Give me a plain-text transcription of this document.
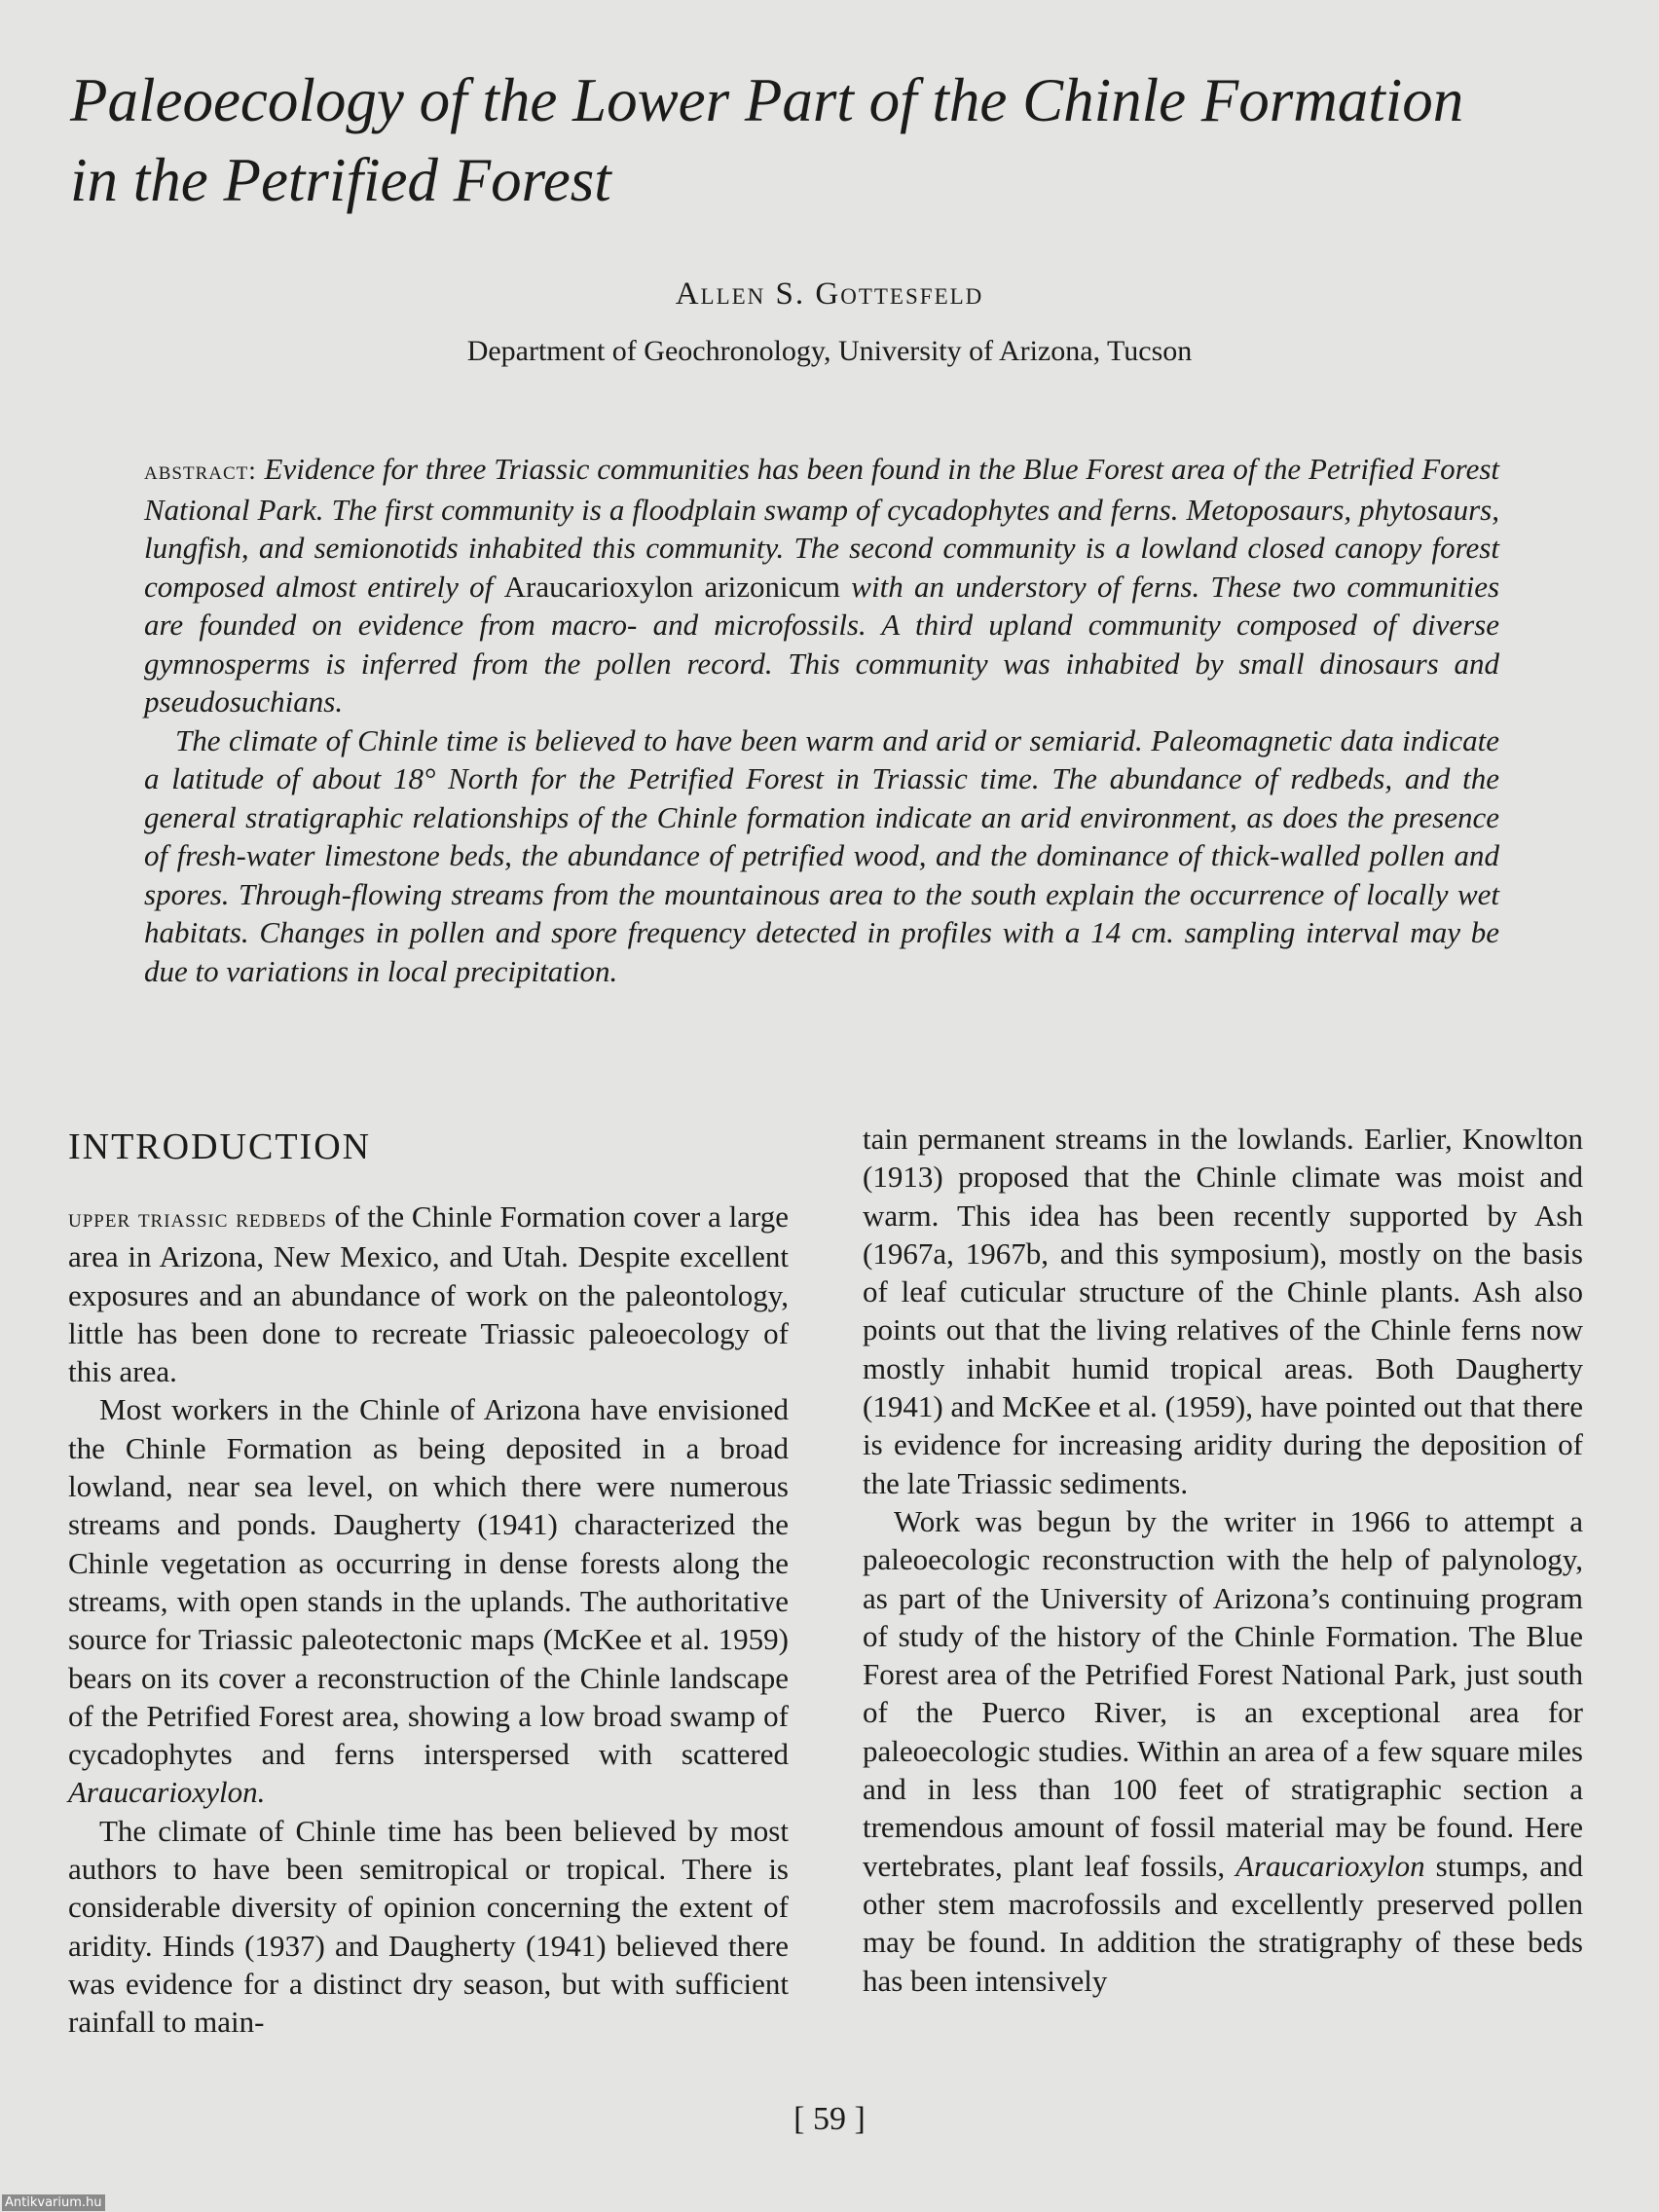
Paleoecology of the Lower Part of the Chinle Formation
in the Petrified Forest
Allen S. Gottesfeld
Department of Geochronology, University of Arizona, Tucson

abstract: Evidence for three Triassic communities has been found in the Blue Forest area of the Petrified Forest National Park. The first community is a floodplain swamp of cycadophytes and ferns. Metoposaurs, phytosaurs, lungfish, and semionotids inhabited this community. The second community is a lowland closed canopy forest composed almost entirely of Araucarioxylon arizonicum with an understory of ferns. These two communities are founded on evidence from macro- and microfossils. A third upland community composed of diverse gymnosperms is inferred from the pollen record. This community was inhabited by small dinosaurs and pseudosuchians.

The climate of Chinle time is believed to have been warm and arid or semiarid. Paleomagnetic data indicate a latitude of about 18° North for the Petrified Forest in Triassic time. The abundance of redbeds, and the general stratigraphic relationships of the Chinle formation indicate an arid environment, as does the presence of fresh-water limestone beds, the abundance of petrified wood, and the dominance of thick-walled pollen and spores. Through-flowing streams from the mountainous area to the south explain the occurrence of locally wet habitats. Changes in pollen and spore frequency detected in profiles with a 14 cm. sampling interval may be due to variations in local precipitation.

INTRODUCTION

upper triassic redbeds of the Chinle Formation cover a large area in Arizona, New Mexico, and Utah. Despite excellent exposures and an abundance of work on the paleontology, little has been done to recreate Triassic paleoecology of this area.

Most workers in the Chinle of Arizona have envisioned the Chinle Formation as being deposited in a broad lowland, near sea level, on which there were numerous streams and ponds. Daugherty (1941) characterized the Chinle vegetation as occurring in dense forests along the streams, with open stands in the uplands. The authoritative source for Triassic paleotectonic maps (McKee et al. 1959) bears on its cover a reconstruction of the Chinle landscape of the Petrified Forest area, showing a low broad swamp of cycadophytes and ferns interspersed with scattered Araucarioxylon.

The climate of Chinle time has been believed by most authors to have been semitropical or tropical. There is considerable diversity of opinion concerning the extent of aridity. Hinds (1937) and Daugherty (1941) believed there was evidence for a distinct dry season, but with sufficient rainfall to main-

tain permanent streams in the lowlands. Earlier, Knowlton (1913) proposed that the Chinle climate was moist and warm. This idea has been recently supported by Ash (1967a, 1967b, and this symposium), mostly on the basis of leaf cuticular structure of the Chinle plants. Ash also points out that the living relatives of the Chinle ferns now mostly inhabit humid tropical areas. Both Daugherty (1941) and McKee et al. (1959), have pointed out that there is evidence for increasing aridity during the deposition of the late Triassic sediments.

Work was begun by the writer in 1966 to attempt a paleoecologic reconstruction with the help of palynology, as part of the University of Arizona’s continuing program of study of the history of the Chinle Formation. The Blue Forest area of the Petrified Forest National Park, just south of the Puerco River, is an exceptional area for paleoecologic studies. Within an area of a few square miles and in less than 100 feet of stratigraphic section a tremendous amount of fossil material may be found. Here vertebrates, plant leaf fossils, Araucarioxylon stumps, and other stem macrofossils and excellently preserved pollen may be found. In addition the stratigraphy of these beds has been intensively

[ 59 ]
Antikvarium.hu
